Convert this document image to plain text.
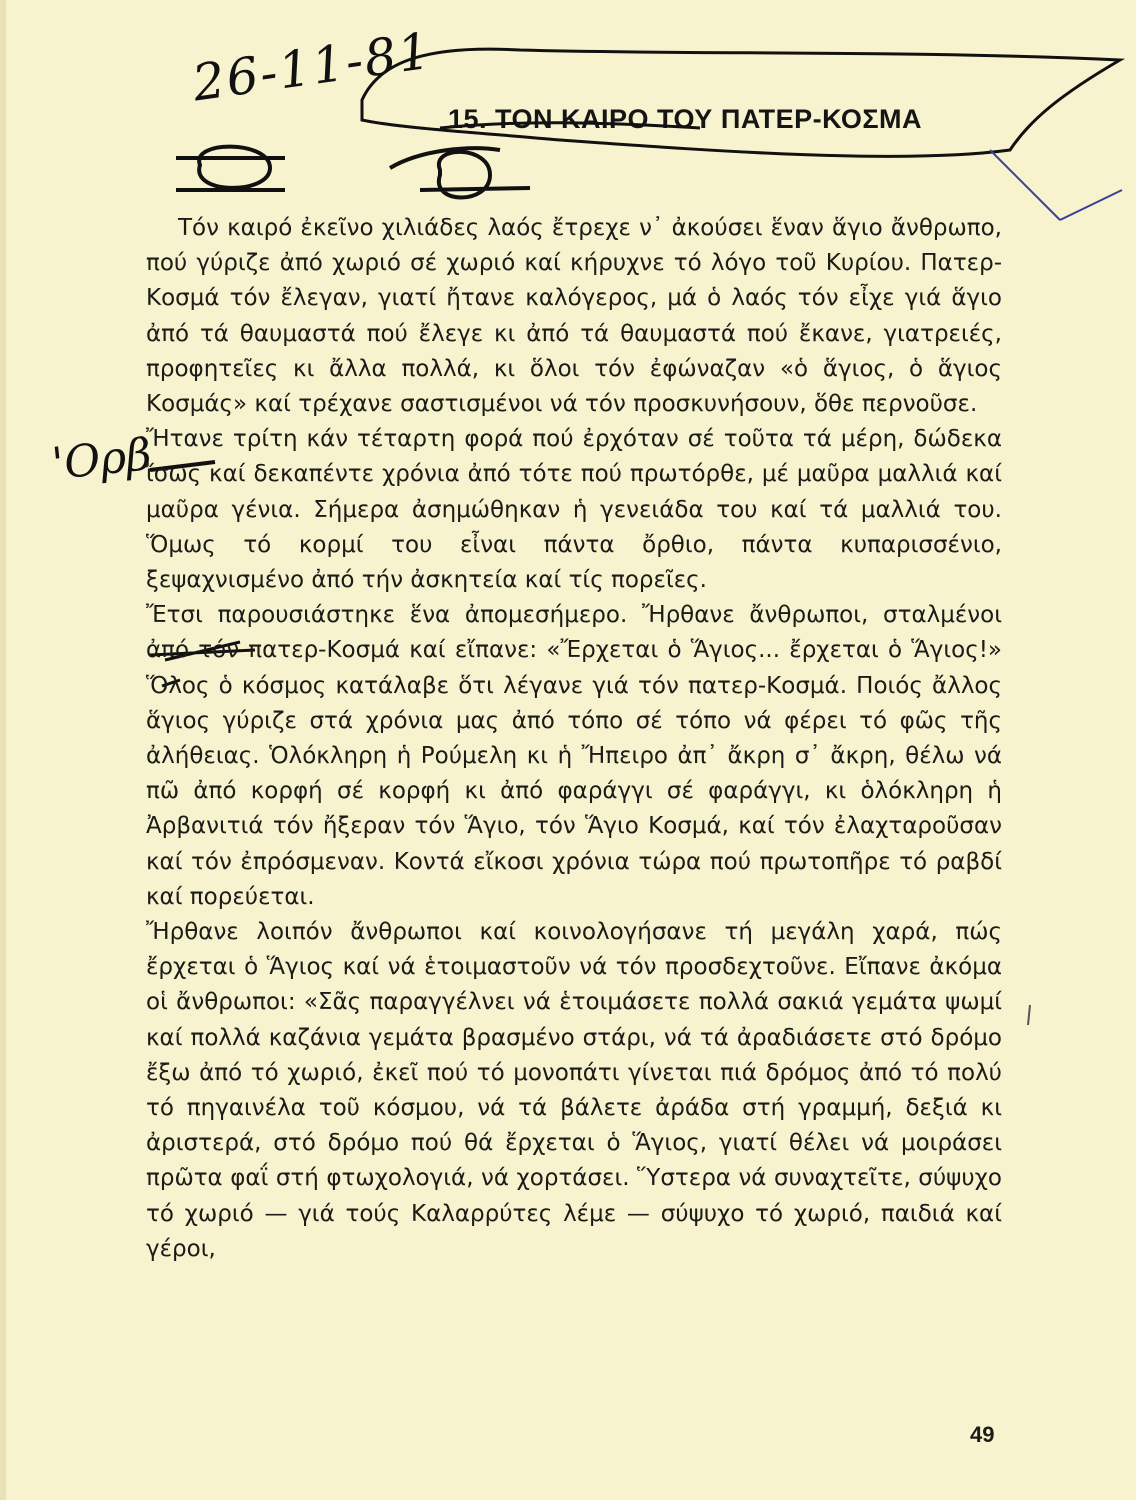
26-11-81
15. ΤΟΝ ΚΑΙΡΟ ΤΟΥ ΠΑΤΕΡ-ΚΟΣΜΑ
'Ορβ

Τόν καιρό ἐκεῖνο χιλιάδες λαός ἔτρεχε ν᾿ ἀκούσει ἕναν ἅγιο ἄνθρωπο, πού γύριζε ἀπό χωριό σέ χωριό καί κήρυχνε τό λόγο τοῦ Κυρίου. Πατερ-Κοσμά τόν ἔλεγαν, γιατί ἤτανε καλόγερος, μά ὁ λαός τόν εἶχε γιά ἅγιο ἀπό τά θαυμαστά πού ἔλεγε κι ἀπό τά θαυμαστά πού ἔκανε, γιατρειές, προφητεῖες κι ἄλλα πολλά, κι ὅλοι τόν ἐφώναζαν «ὁ ἅγιος, ὁ ἅγιος Κοσμάς» καί τρέχανε σαστισμένοι νά τόν προσκυνήσουν, ὅθε περνοῦσε.

Ἤτανε τρίτη κάν τέταρτη φορά πού ἐρχόταν σέ τοῦτα τά μέρη, δώδεκα ἴσως καί δεκαπέντε χρόνια ἀπό τότε πού πρωτόρθε, μέ μαῦρα μαλλιά καί μαῦρα γένια. Σήμερα ἀσημώθηκαν ἡ γενειάδα του καί τά μαλλιά του. Ὅμως τό κορμί του εἶναι πάντα ὄρθιο, πάντα κυπαρισσένιο, ξεψαχνισμένο ἀπό τήν ἀσκητεία καί τίς πορεῖες.

Ἔτσι παρουσιάστηκε ἕνα ἀπομεσήμερο. Ἤρθανε ἄνθρωποι, σταλμένοι ἀπό τόν πατερ-Κοσμά καί εἴπανε: «Ἔρχεται ὁ Ἅγιος... ἔρχεται ὁ Ἅγιος!» Ὅλος ὁ κόσμος κατάλαβε ὅτι λέγανε γιά τόν πατερ-Κοσμά. Ποιός ἄλλος ἅγιος γύριζε στά χρόνια μας ἀπό τόπο σέ τόπο νά φέρει τό φῶς τῆς ἀλήθειας. Ὁλόκληρη ἡ Ρούμελη κι ἡ Ἤπειρο ἀπ᾿ ἄκρη σ᾿ ἄκρη, θέλω νά πῶ ἀπό κορφή σέ κορφή κι ἀπό φαράγγι σέ φαράγγι, κι ὁλόκληρη ἡ Ἀρβανιτιά τόν ἤξεραν τόν Ἅγιο, τόν Ἅγιο Κοσμά, καί τόν ἐλαχταροῦσαν καί τόν ἐπρόσμεναν. Κοντά εἴκοσι χρόνια τώρα πού πρωτοπῆρε τό ραβδί καί πορεύεται.

Ἤρθανε λοιπόν ἄνθρωποι καί κοινολογήσανε τή μεγάλη χαρά, πώς ἔρχεται ὁ Ἅγιος καί νά ἑτοιμαστοῦν νά τόν προσδεχτοῦνε. Εἴπανε ἀκόμα οἱ ἄνθρωποι: «Σᾶς παραγγέλνει νά ἑτοιμάσετε πολλά σακιά γεμάτα ψωμί καί πολλά καζάνια γεμάτα βρασμένο στάρι, νά τά ἀραδιάσετε στό δρόμο ἔξω ἀπό τό χωριό, ἐκεῖ πού τό μονοπάτι γίνεται πιά δρόμος ἀπό τό πολύ τό πηγαινέλα τοῦ κόσμου, νά τά βάλετε ἀράδα στή γραμμή, δεξιά κι ἀριστερά, στό δρόμο πού θά ἔρχεται ὁ Ἅγιος, γιατί θέλει νά μοιράσει πρῶτα φαΐ στή φτωχολογιά, νά χορτάσει. Ὕστερα νά συναχτεῖτε, σύψυχο τό χωριό — γιά τούς Καλαρρύτες λέμε — σύψυχο τό χωριό, παιδιά καί γέροι,

49
